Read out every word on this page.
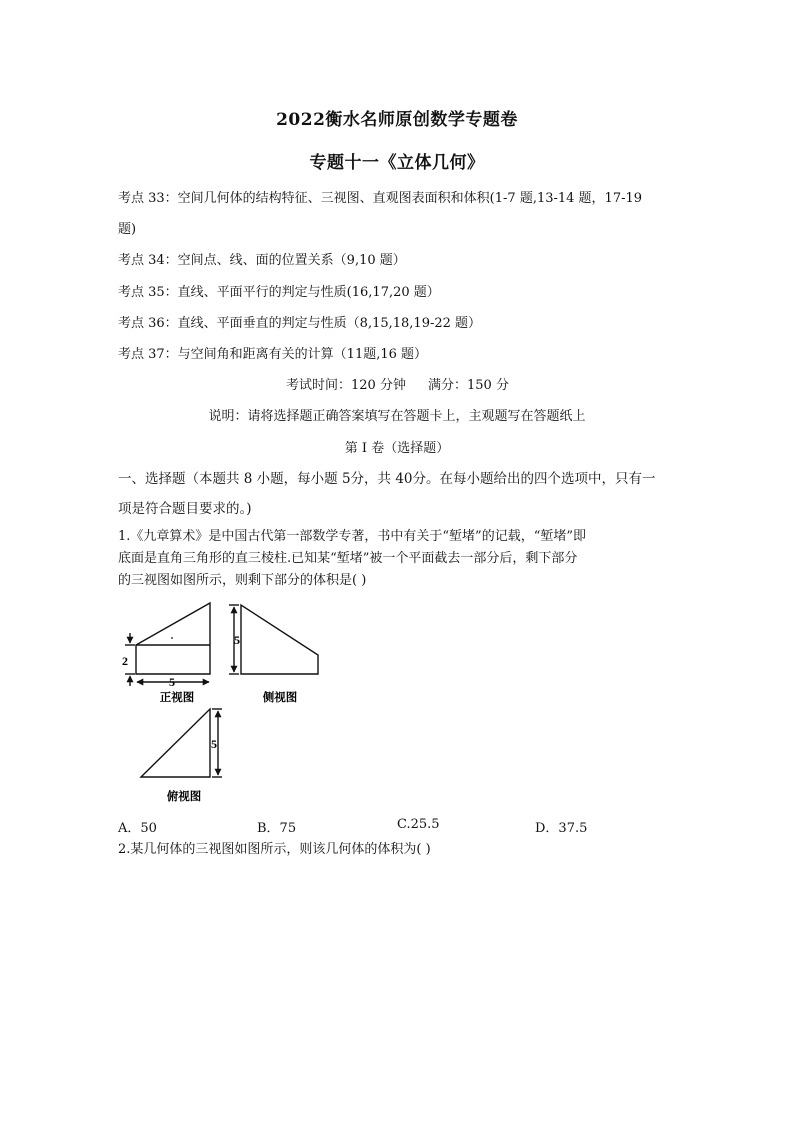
2022衡水名师原创数学专题卷
专题十一《立体几何》
考点 33：空间几何体的结构特征、三视图、直观图表面积和体积(1-7 题,13-14 题，17-19
题)
考点 34：空间点、线、面的位置关系（9,10 题）
考点 35：直线、平面平行的判定与性质(16,17,20 题）
考点 36：直线、平面垂直的判定与性质（8,15,18,19-22 题）
考点 37：与空间角和距离有关的计算（11题,16 题）
考试时间：120 分钟 满分：150 分
说明：请将选择题正确答案填写在答题卡上，主观题写在答题纸上
第 I 卷（选择题）
一、选择题（本题共 8 小题，每小题 5分，共 40分。在每小题给出的四个选项中，只有一
项是符合题目要求的。)
1.《九章算术》是中国古代第一部数学专著，书中有关于“堑堵”的记载，“堑堵”即
底面是直角三角形的直三棱柱.已知某“堑堵”被一个平面截去一部分后，剩下部分
的三视图如图所示，则剩下部分的体积是( )
2
5
5
5
正视图	侧视图
俯视图
A．50	B．75	C.25.5	D．37.5
2.某几何体的三视图如图所示，则该几何体的体积为( )
